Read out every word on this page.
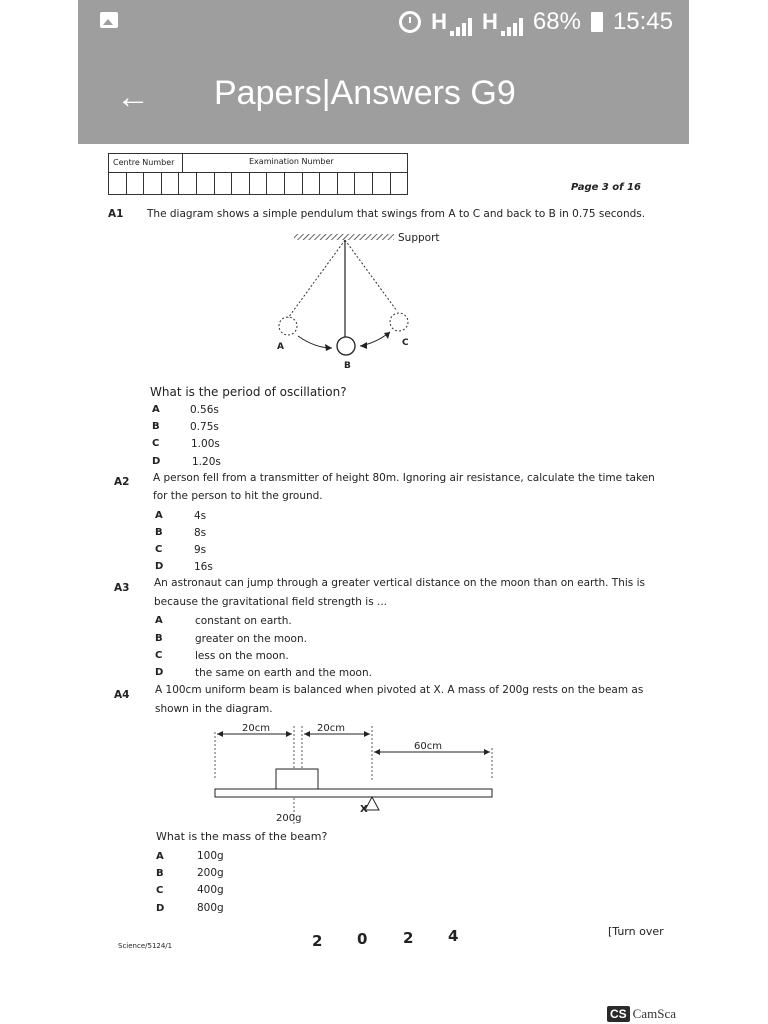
H	H	68% 15:45
← Papers|Answers G9
Centre Number	Examination Number
Page 3 of 16
A1 The diagram shows a simple pendulum that swings from A to C and back to B in 0.75 seconds.
Support
A
B
C
What is the period of oscillation?
A	0.56s
B	0.75s
C	1.00s
D	1.20s
A2 A person fell from a transmitter of height 80m. Ignoring air resistance, calculate the time taken
for the person to hit the ground.
A	4s
B	8s
C	9s
D	16s
A3 An astronaut can jump through a greater vertical distance on the moon than on earth. This is
because the gravitational field strength is ...
A	constant on earth.
B	greater on the moon.
C	less on the moon.
D	the same on earth and the moon.
A4 A 100cm uniform beam is balanced when pivoted at X. A mass of 200g rests on the beam as
shown in the diagram.
20cm	20cm
60cm
200g
X
What is the mass of the beam?
A	100g
B	200g
C	400g
D	800g
Science/5124/1	2 0 2 4	[Turn over
CS CamSca
